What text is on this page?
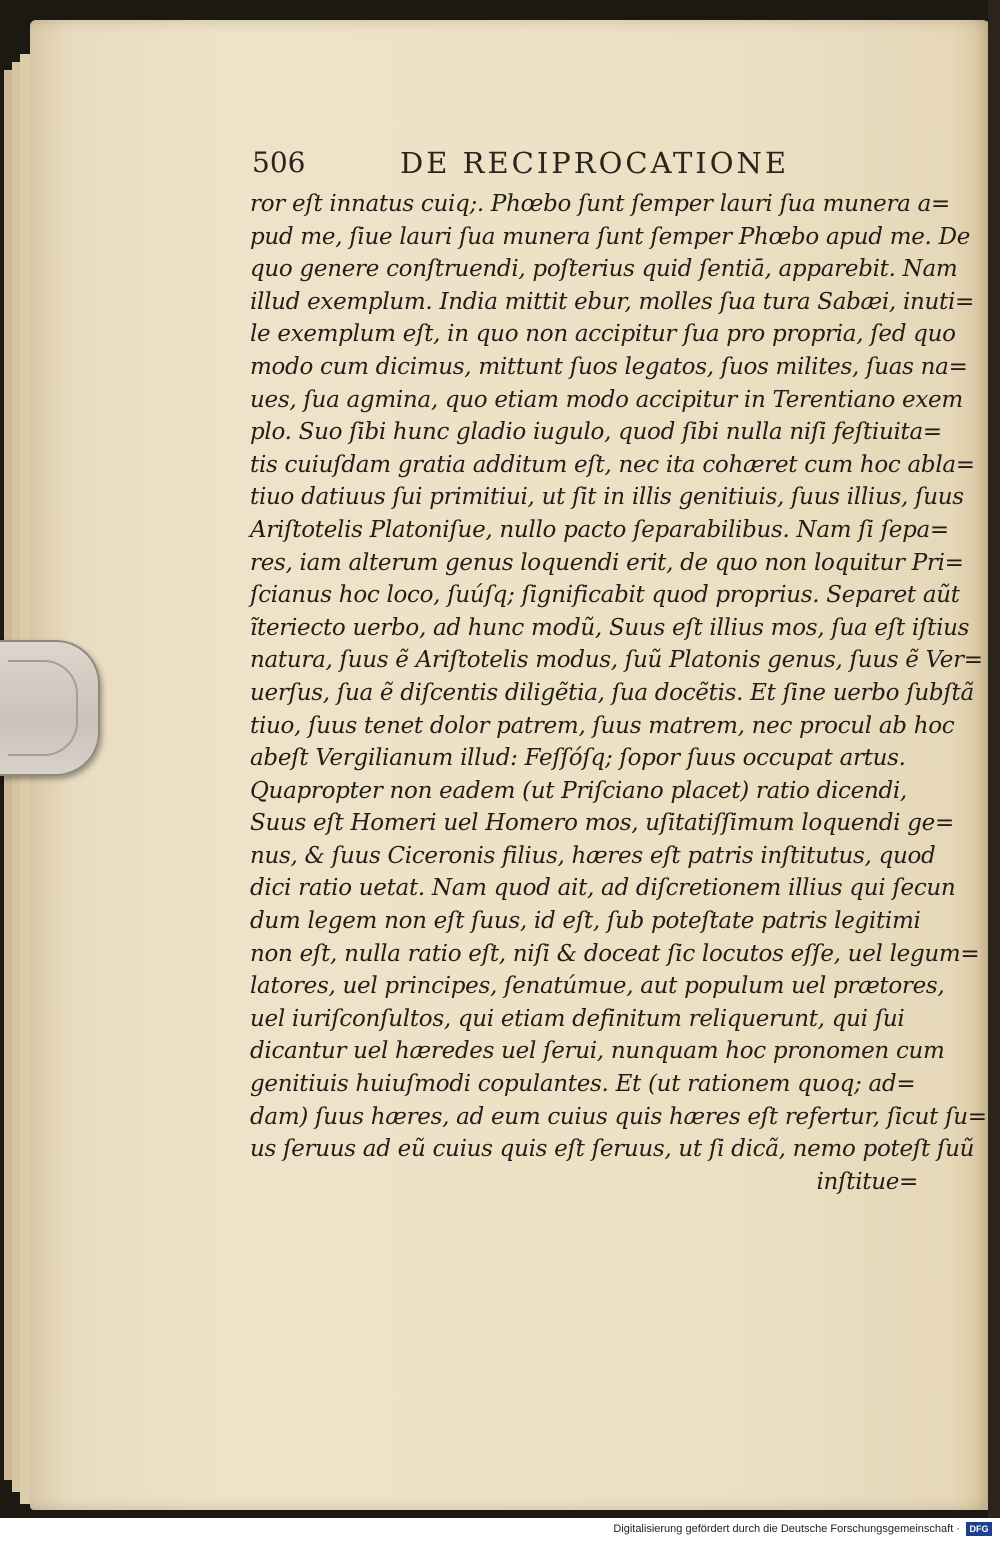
506	DE RECIPROCATIONE
ror eſt innatus cuiq;. Phœbo ſunt ſemper lauri ſua munera a=
pud me, ſiue lauri ſua munera ſunt ſemper Phœbo apud me. De
quo genere conſtruendi, poſterius quid ſentiā, apparebit. Nam
illud exemplum. India mittit ebur, molles ſua tura Sabæi, inuti=
le exemplum eſt, in quo non accipitur ſua pro propria, ſed quo
modo cum dicimus, mittunt ſuos legatos, ſuos milites, ſuas na=
ues, ſua agmina, quo etiam modo accipitur in Terentiano exem
plo. Suo ſibi hunc gladio iugulo, quod ſibi nulla niſi feſtiuita=
tis cuiuſdam gratia additum eſt, nec ita cohæret cum hoc abla=
tiuo datiuus ſui primitiui, ut ſit in illis genitiuis, ſuus illius, ſuus
Ariſtotelis Platoniſue, nullo pacto ſeparabilibus. Nam ſi ſepa=
res, iam alterum genus loquendi erit, de quo non loquitur Pri=
ſcianus hoc loco, ſuúſq; ſignificabit quod proprius. Separet aũt
ĩteriecto uerbo, ad hunc modũ, Suus eſt illius mos, ſua eſt iſtius
natura, ſuus ẽ Ariſtotelis modus, ſuũ Platonis genus, ſuus ẽ Ver=
uerſus, ſua ẽ diſcentis diligẽtia, ſua docẽtis. Et ſine uerbo ſubſtã
tiuo, ſuus tenet dolor patrem, ſuus matrem, nec procul ab hoc
abeſt Vergilianum illud: Feſſóſq; ſopor ſuus occupat artus.
Quapropter non eadem (ut Priſciano placet) ratio dicendi,
Suus eſt Homeri uel Homero mos, uſitatiſſimum loquendi ge=
nus, & ſuus Ciceronis filius, hæres eſt patris inſtitutus, quod
dici ratio uetat. Nam quod ait, ad diſcretionem illius qui ſecun
dum legem non eſt ſuus, id eſt, ſub poteſtate patris legitimi
non eſt, nulla ratio eſt, niſi & doceat ſic locutos eſſe, uel legum=
latores, uel principes, ſenatúmue, aut populum uel prætores,
uel iuriſconſultos, qui etiam definitum reliquerunt, qui ſui
dicantur uel hæredes uel ſerui, nunquam hoc pronomen cum
genitiuis huiuſmodi copulantes. Et (ut rationem quoq; ad=
dam) ſuus hæres, ad eum cuius quis hæres eſt refertur, ſicut ſu=
us ſeruus ad eũ cuius quis eſt ſeruus, ut ſi dicã, nemo poteſt ſuũ
inſtitue=
Digitalisierung gefördert durch die Deutsche Forschungsgemeinschaft ·	DFG
